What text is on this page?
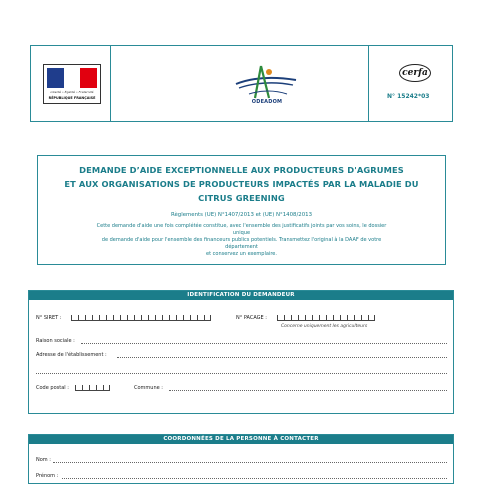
Liberté • Égalité • Fraternité
RÉPUBLIQUE FRANÇAISE
ODEADOM
cerfa
N° 15242*03
DEMANDE D’AIDE EXCEPTIONNELLE AUX PRODUCTEURS D'AGRUMES
ET AUX ORGANISATIONS DE PRODUCTEURS IMPACTÉS PAR LA MALADIE DU
CITRUS GREENING
Règlements (UE) N°1407/2013 et (UE) N°1408/2013
Cette demande d'aide une fois complétée constitue, avec l'ensemble des justificatifs joints par vos soins, le dossier unique
de demande d'aide pour l'ensemble des financeurs publics potentiels. Transmettez l'original à la DAAF de votre département
et conservez un exemplaire.
IDENTIFICATION DU DEMANDEUR
N° SIRET :	N° PACAGE :
Concerne uniquement les agriculteurs
Raison sociale :
Adresse de l'établissement :
Code postal :	Commune :
COORDONNÉES DE LA PERSONNE À CONTACTER
Nom :
Prénom :
